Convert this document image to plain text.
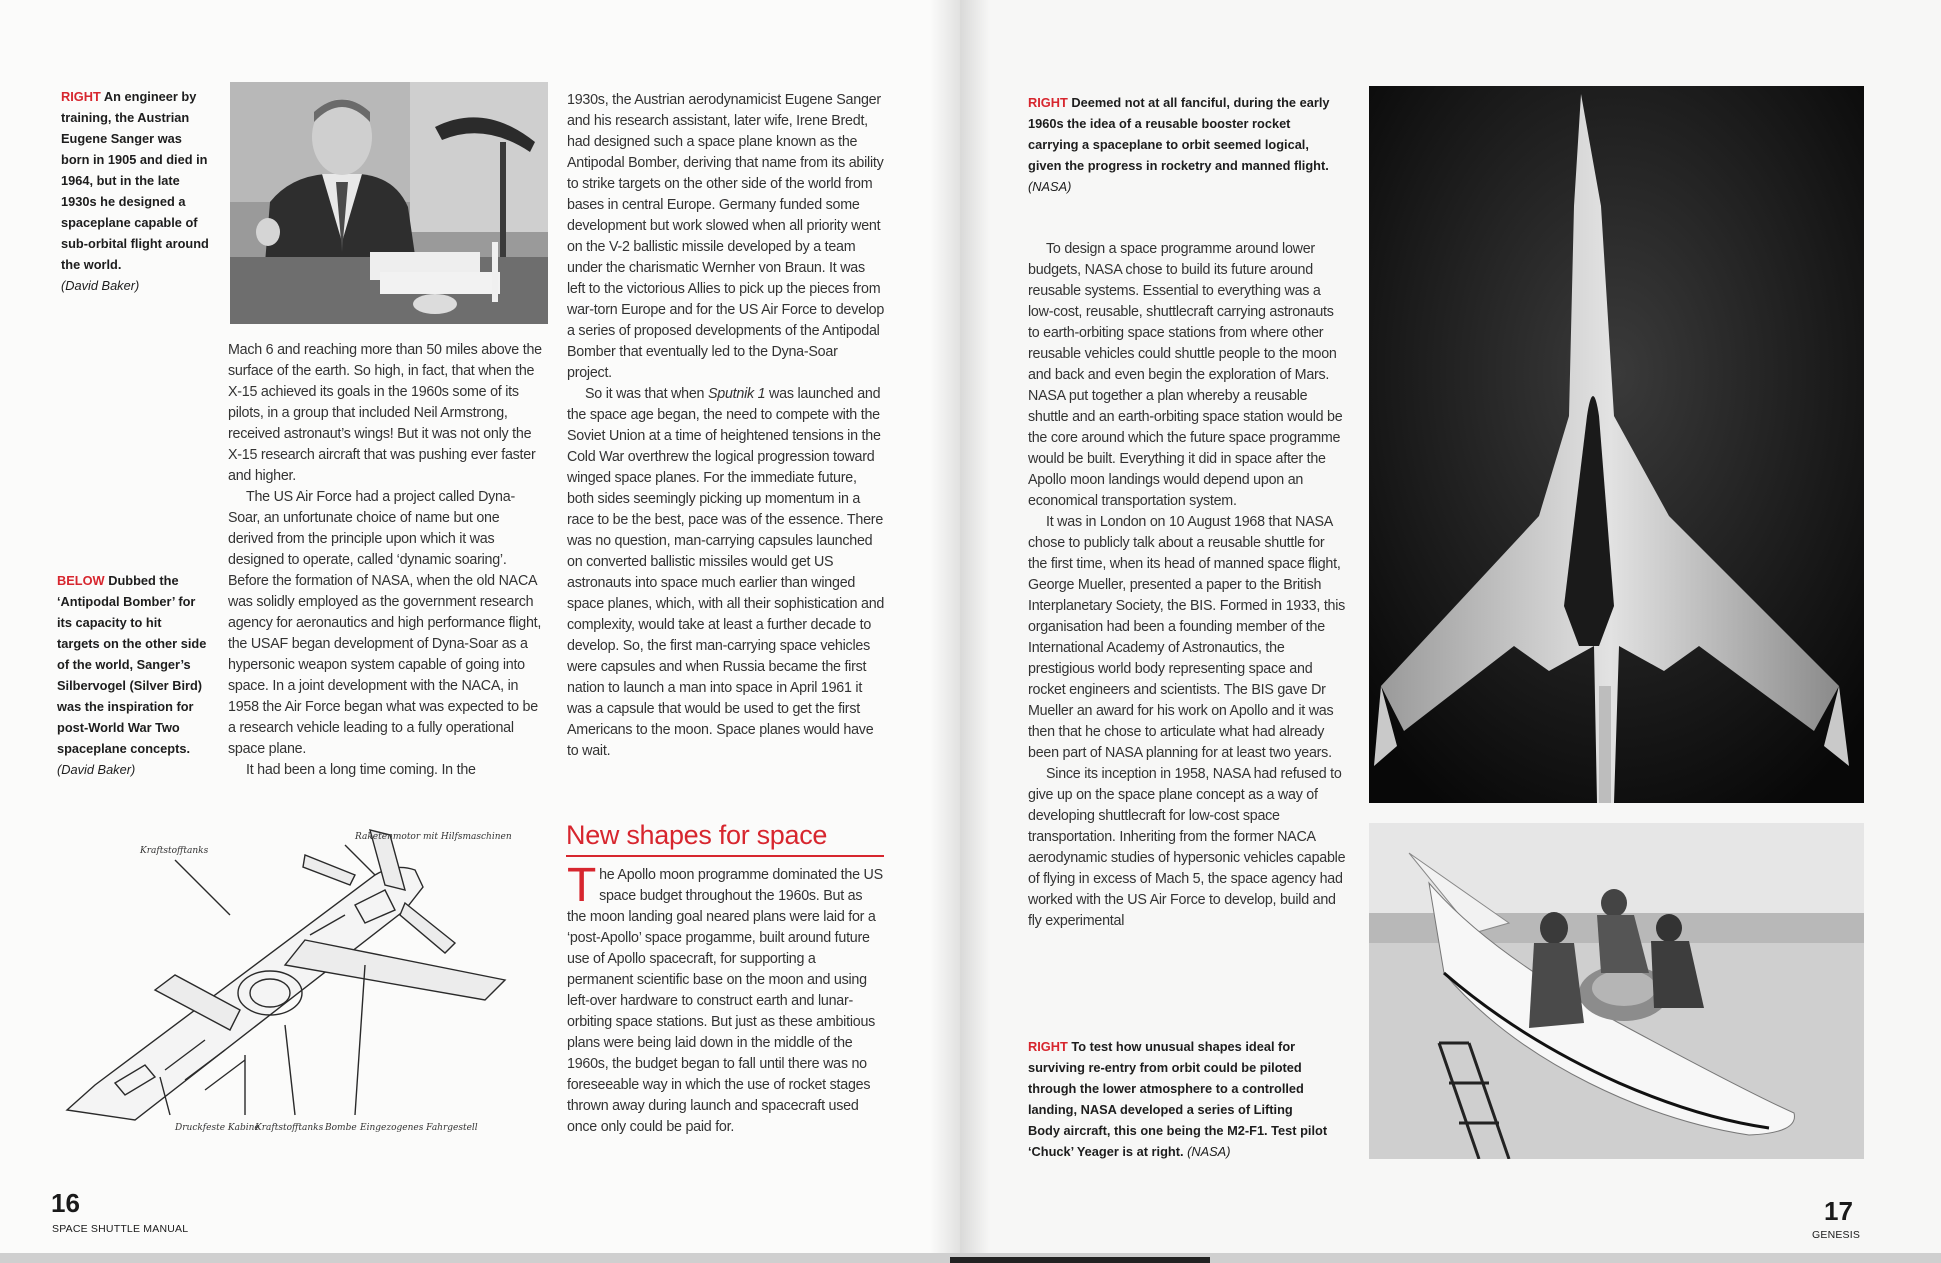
RIGHT An engineer by training, the Austrian Eugene Sanger was born in 1905 and died in 1964, but in the late 1930s he designed a spaceplane capable of sub-orbital flight around the world.
(David Baker)

Mach 6 and reaching more than 50 miles above the surface of the earth. So high, in fact, that when the X-15 achieved its goals in the 1960s some of its pilots, in a group that included Neil Armstrong, received astronaut’s wings! But it was not only the X-15 research aircraft that was pushing ever faster and higher.

The US Air Force had a project called Dyna-Soar, an unfortunate choice of name but one derived from the principle upon which it was designed to operate, called ‘dynamic soaring’. Before the formation of NASA, when the old NACA was solidly employed as the government research agency for aeronautics and high performance flight, the USAF began development of Dyna-Soar as a hypersonic weapon system capable of going into space. In a joint development with the NACA, in 1958 the Air Force began what was expected to be a research vehicle leading to a fully operational space plane.

It had been a long time coming. In the

BELOW Dubbed the ‘Antipodal Bomber’ for its capacity to hit targets on the other side of the world, Sanger’s Silbervogel (Silver Bird) was the inspiration for post-World War Two spaceplane concepts.
(David Baker)

1930s, the Austrian aerodynamicist Eugene Sanger and his research assistant, later wife, Irene Bredt, had designed such a space plane known as the Antipodal Bomber, deriving that name from its ability to strike targets on the other side of the world from bases in central Europe. Germany funded some development but work slowed when all priority went on the V-2 ballistic missile developed by a team under the charismatic Wernher von Braun. It was left to the victorious Allies to pick up the pieces from war-torn Europe and for the US Air Force to develop a series of proposed developments of the Antipodal Bomber that eventually led to the Dyna-Soar project.

So it was that when Sputnik 1 was launched and the space age began, the need to compete with the Soviet Union at a time of heightened tensions in the Cold War overthrew the logical progression toward winged space planes. For the immediate future, both sides seemingly picking up momentum in a race to be the best, pace was of the essence. There was no question, man-carrying capsules launched on converted ballistic missiles would get US astronauts into space much earlier than winged space planes, which, with all their sophistication and complexity, would take at least a further decade to develop. So, the first man-carrying space vehicles were capsules and when Russia became the first nation to launch a man into space in April 1961 it was a capsule that would be used to get the first Americans to the moon. Space planes would have to wait.

New shapes for space

The Apollo moon programme dominated the US space budget throughout the 1960s. But as the moon landing goal neared plans were laid for a ‘post-Apollo’ space progamme, built around future use of Apollo spacecraft, for supporting a permanent scientific base on the moon and using left-over hardware to construct earth and lunar-orbiting space stations. But just as these ambitious plans were being laid down in the middle of the 1960s, the budget began to fall until there was no foreseeable way in which the use of rocket stages thrown away during launch and spacecraft used once only could be paid for.

Kraftstofftanks
Raketenmotor mit Hilfsmaschinen
Druckfeste Kabine
Kraftstofftanks Bombe Eingezogenes Fahrgestell
16
SPACE SHUTTLE MANUAL
RIGHT Deemed not at all fanciful, during the early 1960s the idea of a reusable booster rocket carrying a spaceplane to orbit seemed logical, given the progress in rocketry and manned flight.
(NASA)

To design a space programme around lower budgets, NASA chose to build its future around reusable systems. Essential to everything was a low-cost, reusable, shuttlecraft carrying astronauts to earth-orbiting space stations from where other reusable vehicles could shuttle people to the moon and back and even begin the exploration of Mars. NASA put together a plan whereby a reusable shuttle and an earth-orbiting space station would be the core around which the future space programme would be built. Everything it did in space after the Apollo moon landings would depend upon an economical transportation system.

It was in London on 10 August 1968 that NASA chose to publicly talk about a reusable shuttle for the first time, when its head of manned space flight, George Mueller, presented a paper to the British Interplanetary Society, the BIS. Formed in 1933, this organisation had been a founding member of the International Academy of Astronautics, the prestigious world body representing space and rocket engineers and scientists. The BIS gave Dr Mueller an award for his work on Apollo and it was then that he chose to articulate what had already been part of NASA planning for at least two years.

Since its inception in 1958, NASA had refused to give up on the space plane concept as a way of developing shuttlecraft for low-cost space transportation. Inheriting from the former NACA aerodynamic studies of hypersonic vehicles capable of flying in excess of Mach 5, the space agency had worked with the US Air Force to develop, build and fly experimental

RIGHT To test how unusual shapes ideal for surviving re-entry from orbit could be piloted through the lower atmosphere to a controlled landing, NASA developed a series of Lifting Body aircraft, this one being the M2-F1. Test pilot ‘Chuck’ Yeager is at right. (NASA)
17
GENESIS
